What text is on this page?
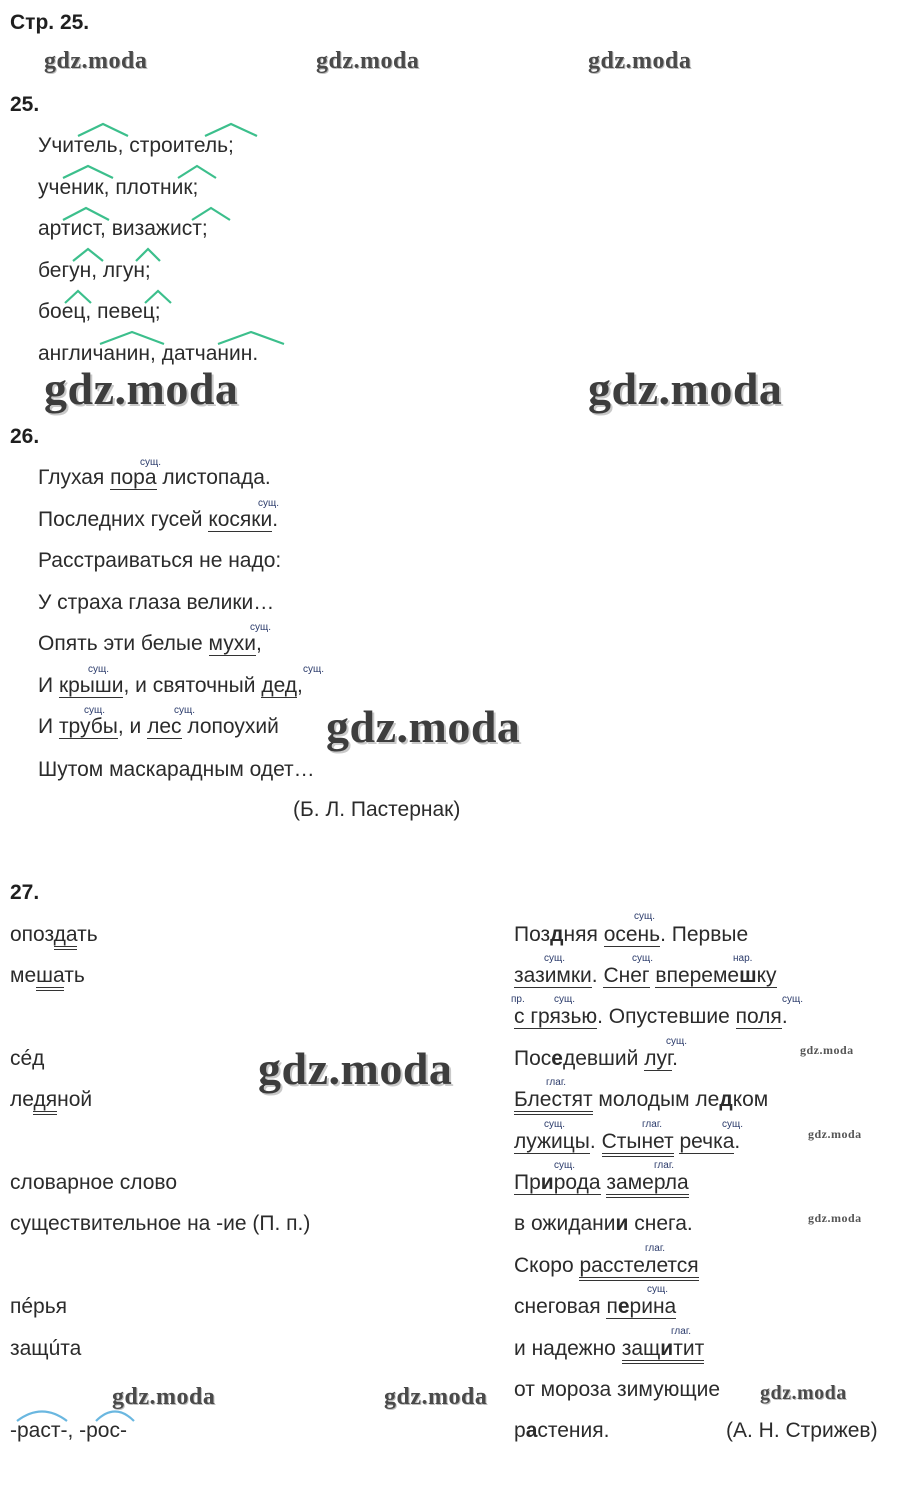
Стр. 25.
gdz.moda	gdz.moda	gdz.moda
gdz.moda	gdz.moda
gdz.moda
gdz.moda	gdz.moda
gdz.moda
gdz.moda
gdz.moda	gdz.moda	gdz.moda
25.
Учитель, строитель;
ученик, плотник;
артист, визажист;
бегун, лгун;
боец, певец;
англичанин, датчанин.
26.
Глухая пора листопада.
Последних гусей косяки.
Расстраиваться не надо:
У страха глаза велики…
Опять эти белые мухи,
И крыши, и святочный дед,
И трубы, и лес лопоухий
Шутом маскарадным одет…
(Б. Л. Пастернак)
сущ.
сущ.
сущ.
сущ.	сущ.
сущ.	сущ.
27.
опоздать
мешать
сéд
ледяной
словарное слово
существительное на -ие (П. п.)
пéрья
защúта
-раст-, -рос-
Поздняя осень. Первые
зазимки. Снег вперемешку
с грязью. Опустевшие поля.
Поседевший луг.
Блестят молодым ледком
лужицы. Стынет речка.
Природа замерла
в ожидании снега.
Скоро расстелется
снеговая перина
и надежно защитит
от мороза зимующие
растения.	(А. Н. Стрижев)
сущ.
сущ.	сущ.	нар.
пр.	сущ.	сущ.
сущ.
глаг.
сущ.	глаг.	сущ.
сущ.	глаг.
глаг.
сущ.
глаг.
